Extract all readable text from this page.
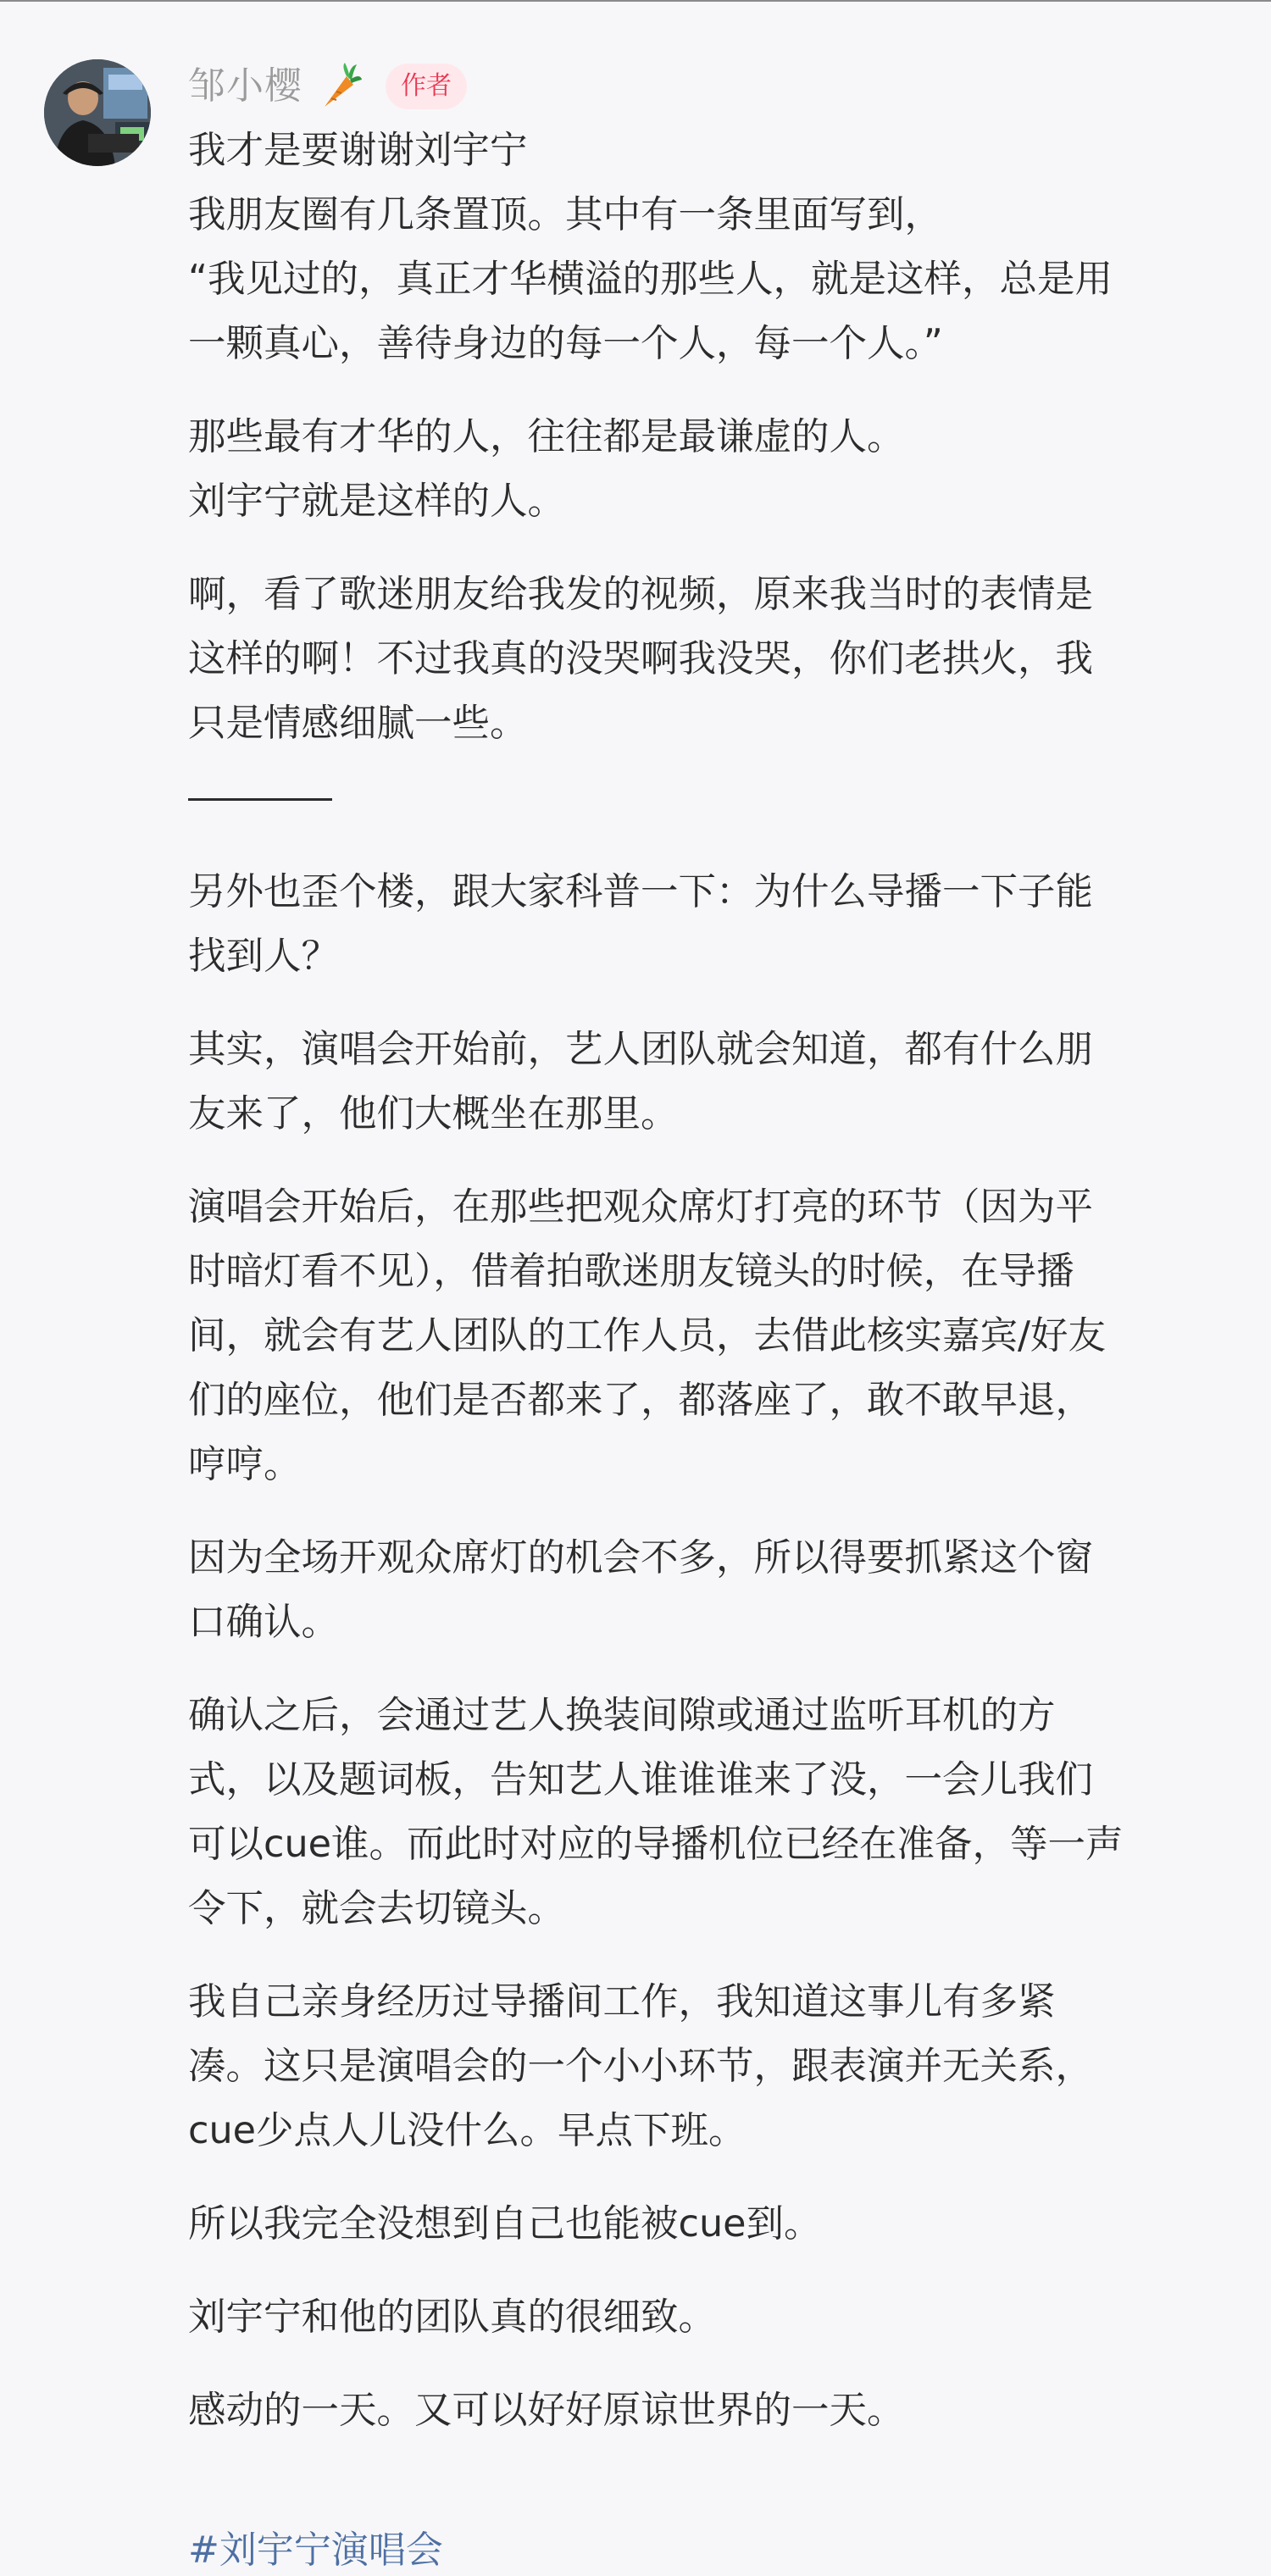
邹小樱	作者
我才是要谢谢刘宇宁
我朋友圈有几条置顶。其中有一条里面写到，
“我见过的，真正才华横溢的那些人，就是这样，总是用
一颗真心，善待身边的每一个人，每一个人。”
那些最有才华的人，往往都是最谦虚的人。
刘宇宁就是这样的人。
啊，看了歌迷朋友给我发的视频，原来我当时的表情是
这样的啊！不过我真的没哭啊我没哭，你们老拱火，我
只是情感细腻一些。
另外也歪个楼，跟大家科普一下：为什么导播一下子能
找到人？
其实，演唱会开始前，艺人团队就会知道，都有什么朋
友来了，他们大概坐在那里。
演唱会开始后，在那些把观众席灯打亮的环节（因为平
时暗灯看不见），借着拍歌迷朋友镜头的时候，在导播
间，就会有艺人团队的工作人员，去借此核实嘉宾/好友
们的座位，他们是否都来了，都落座了，敢不敢早退，
哼哼。
因为全场开观众席灯的机会不多，所以得要抓紧这个窗
口确认。
确认之后，会通过艺人换装间隙或通过监听耳机的方
式，以及题词板，告知艺人谁谁谁来了没，一会儿我们
可以cue谁。而此时对应的导播机位已经在准备，等一声
令下，就会去切镜头。
我自己亲身经历过导播间工作，我知道这事儿有多紧
凑。这只是演唱会的一个小小环节，跟表演并无关系，
cue少点人儿没什么。早点下班。
所以我完全没想到自己也能被cue到。
刘宇宁和他的团队真的很细致。
感动的一天。又可以好好原谅世界的一天。
#刘宇宁演唱会
